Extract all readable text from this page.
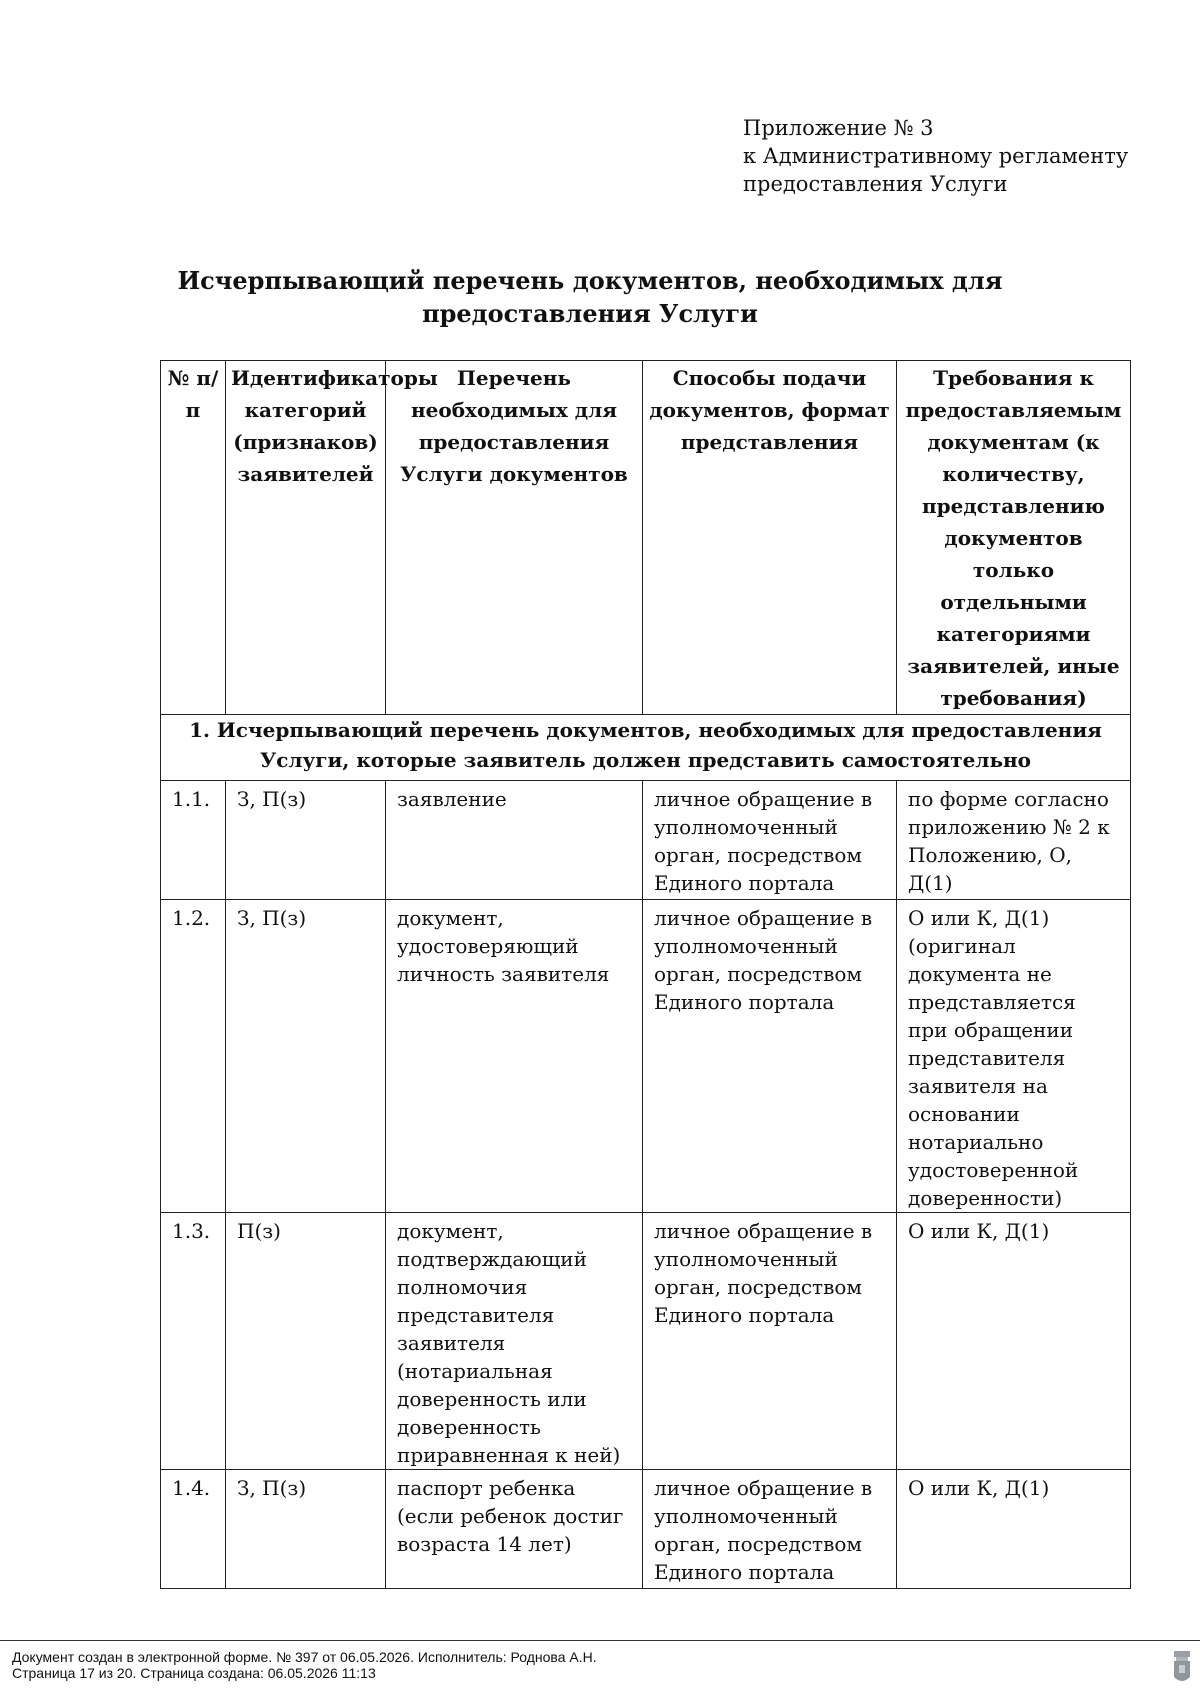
Приложение № 3
к Административному регламенту
предоставления Услуги
Исчерпывающий перечень документов, необходимых для
предоставления Услуги
№ п/п	Идентификаторы категорий (признаков) заявителей	Перечень необходимых для предоставления Услуги документов	Способы подачи документов, формат представления	Требования к предоставляемым документам (к количеству, представлению документов только отдельными категориями заявителей, иные требования)
1. Исчерпывающий перечень документов, необходимых для предоставления Услуги, которые заявитель должен представить самостоятельно				
1.1.	З, П(з)	заявление	личное обращение в уполномоченный орган, посредством Единого портала	по форме согласно приложению № 2 к Положению, О, Д(1)
1.2.	З, П(з)	документ, удостоверяющий личность заявителя	личное обращение в уполномоченный орган, посредством Единого портала	О или К, Д(1) (оригинал документа не представляется при обращении представителя заявителя на основании нотариально удостоверенной доверенности)
1.3.	П(з)	документ, подтверждающий полномочия представителя заявителя (нотариальная доверенность или доверенность приравненная к ней)	личное обращение в уполномоченный орган, посредством Единого портала	О или К, Д(1)
1.4.	З, П(з)	паспорт ребенка (если ребенок достиг возраста 14 лет)	личное обращение в уполномоченный орган, посредством Единого портала	О или К, Д(1)
Документ создан в электронной форме. № 397 от 06.05.2026. Исполнитель: Роднова А.Н.
Страница 17 из 20. Страница создана: 06.05.2026 11:13
